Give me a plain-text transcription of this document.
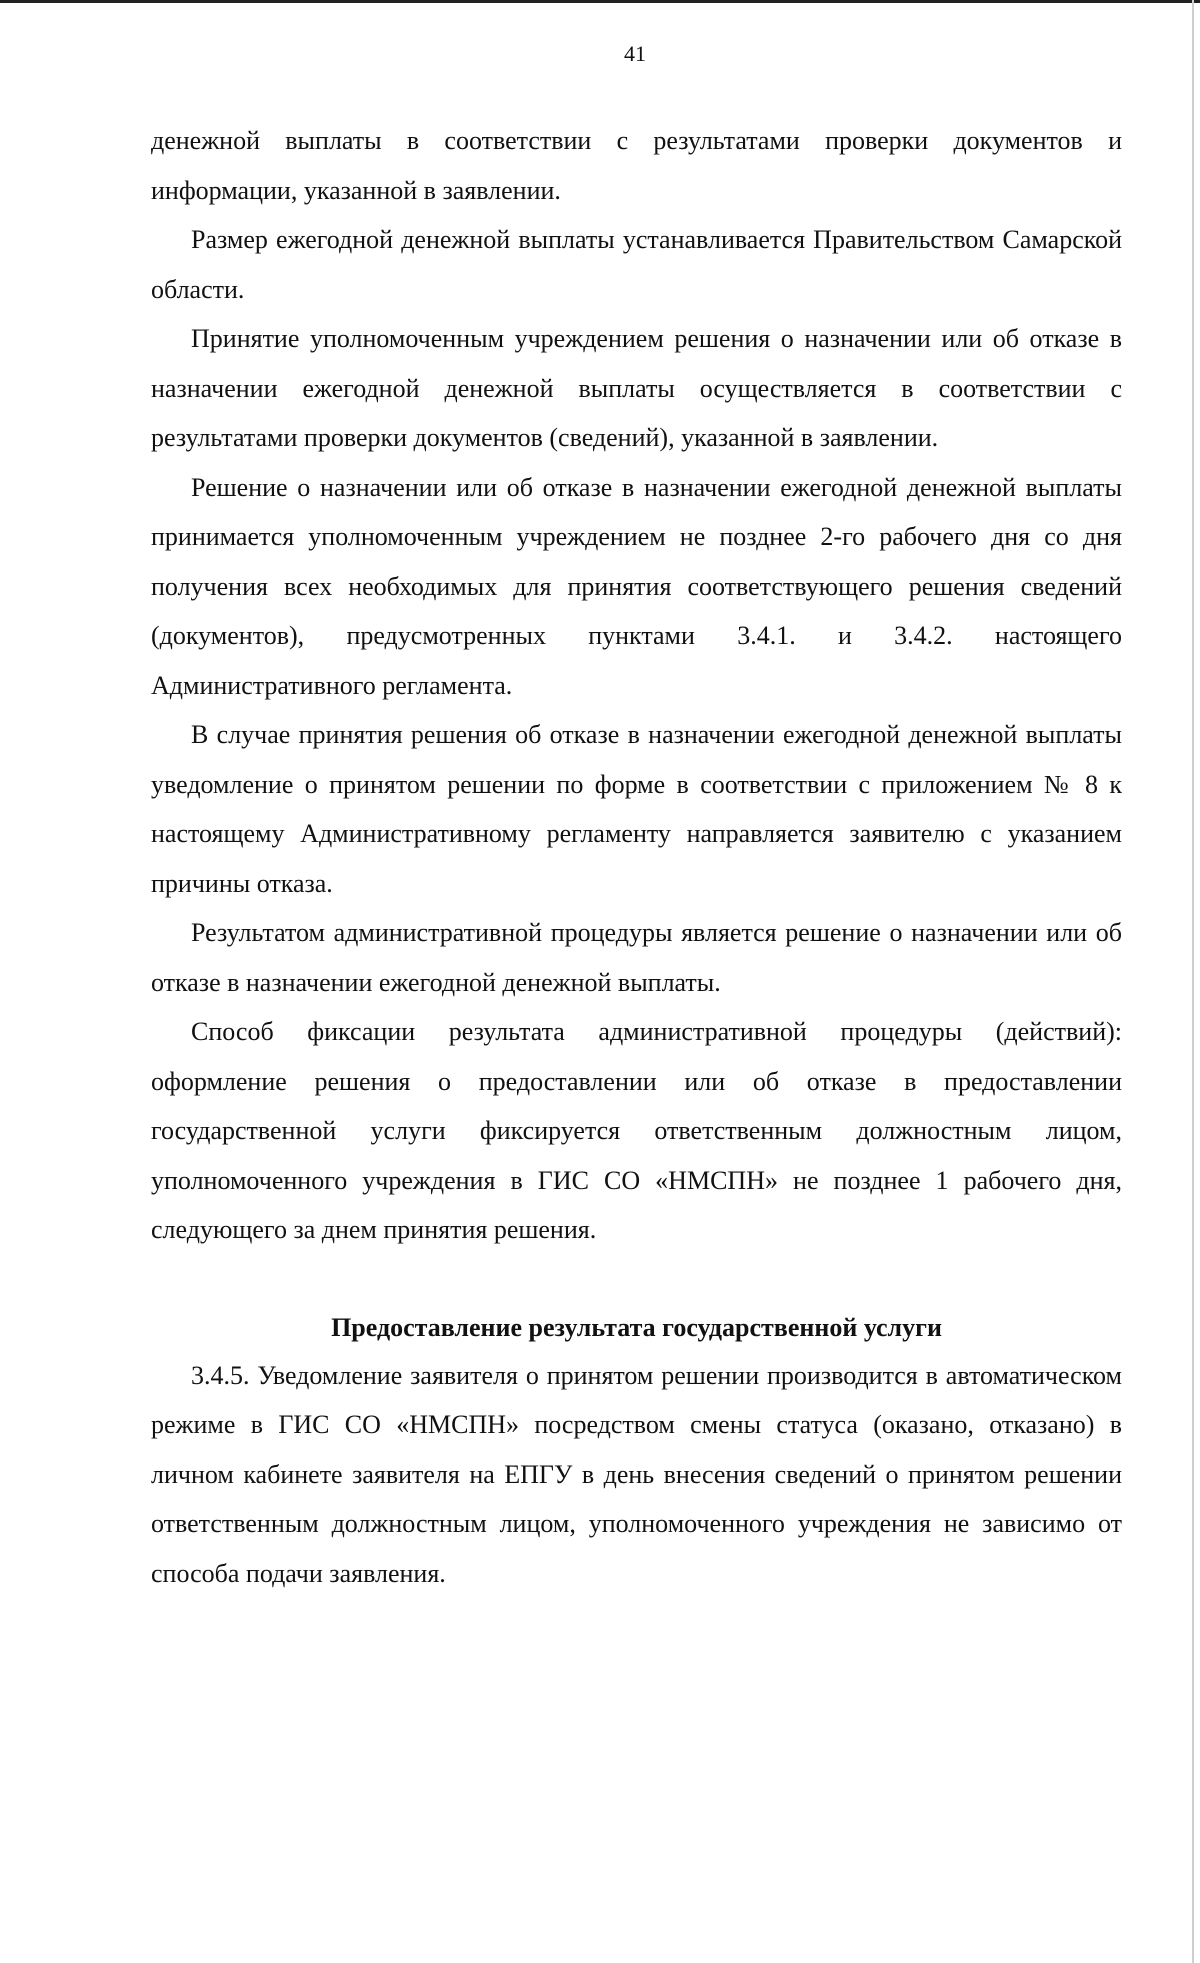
41

денежной выплаты в соответствии с результатами проверки документов и информации, указанной в заявлении.

Размер ежегодной денежной выплаты устанавливается Правительством Самарской области.

Принятие уполномоченным учреждением решения о назначении или об отказе в назначении ежегодной денежной выплаты осуществляется в соответствии с результатами проверки документов (сведений), указанной в заявлении.

Решение о назначении или об отказе в назначении ежегодной денежной выплаты принимается уполномоченным учреждением не позднее 2-го рабочего дня со дня получения всех необходимых для принятия соответствующего решения сведений (документов), предусмотренных пунктами 3.4.1. и 3.4.2. настоящего Административного регламента.

В случае принятия решения об отказе в назначении ежегодной денежной выплаты уведомление о принятом решении по форме в соответствии с приложением № 8 к настоящему Административному регламенту направляется заявителю с указанием причины отказа.

Результатом административной процедуры является решение о назначении или об отказе в назначении ежегодной денежной выплаты.

Способ фиксации результата административной процедуры (действий): оформление решения о предоставлении или об отказе в предоставлении государственной услуги фиксируется ответственным должностным лицом, уполномоченного учреждения в ГИС СО «НМСПН» не позднее 1 рабочего дня, следующего за днем принятия решения.

Предоставление результата государственной услуги

3.4.5. Уведомление заявителя о принятом решении производится в автоматическом режиме в ГИС СО «НМСПН» посредством смены статуса (оказано, отказано) в личном кабинете заявителя на ЕПГУ в день внесения сведений о принятом решении ответственным должностным лицом, уполномоченного учреждения не зависимо от способа подачи заявления.
